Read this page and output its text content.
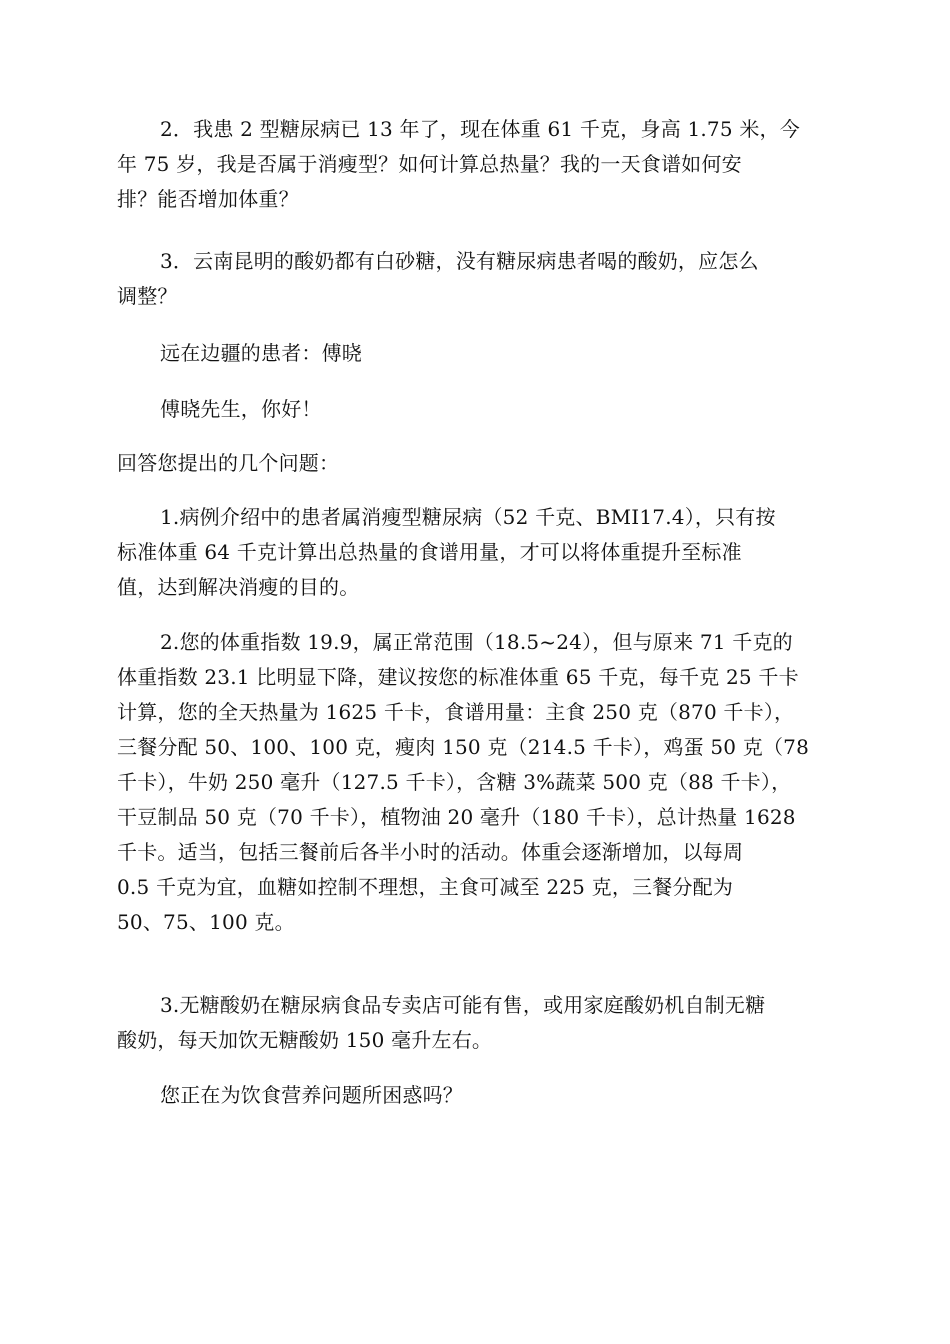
2．我患 2 型糖尿病已 13 年了，现在体重 61 千克，身高 1.75 米，今
年 75 岁，我是否属于消瘦型？如何计算总热量？我的一天食谱如何安
排？能否增加体重？

3．云南昆明的酸奶都有白砂糖，没有糖尿病患者喝的酸奶，应怎么
调整？

远在边疆的患者：傅晓

傅晓先生，你好！

回答您提出的几个问题：

1.病例介绍中的患者属消瘦型糖尿病（52 千克、BMI17.4），只有按
标准体重 64 千克计算出总热量的食谱用量，才可以将体重提升至标准
值，达到解决消瘦的目的。

2.您的体重指数 19.9，属正常范围（18.5~24），但与原来 71 千克的
体重指数 23.1 比明显下降，建议按您的标准体重 65 千克，每千克 25 千卡
计算，您的全天热量为 1625 千卡，食谱用量：主食 250 克（870 千卡），
三餐分配 50、100、100 克，瘦肉 150 克（214.5 千卡），鸡蛋 50 克（78
千卡），牛奶 250 毫升（127.5 千卡），含糖 3%蔬菜 500 克（88 千卡），
干豆制品 50 克（70 千卡），植物油 20 毫升（180 千卡），总计热量 1628
千卡。适当，包括三餐前后各半小时的活动。体重会逐渐增加，以每周
0.5 千克为宜，血糖如控制不理想，主食可减至 225 克，三餐分配为
50、75、100 克。

3.无糖酸奶在糖尿病食品专卖店可能有售，或用家庭酸奶机自制无糖
酸奶，每天加饮无糖酸奶 150 毫升左右。

您正在为饮食营养问题所困惑吗？
